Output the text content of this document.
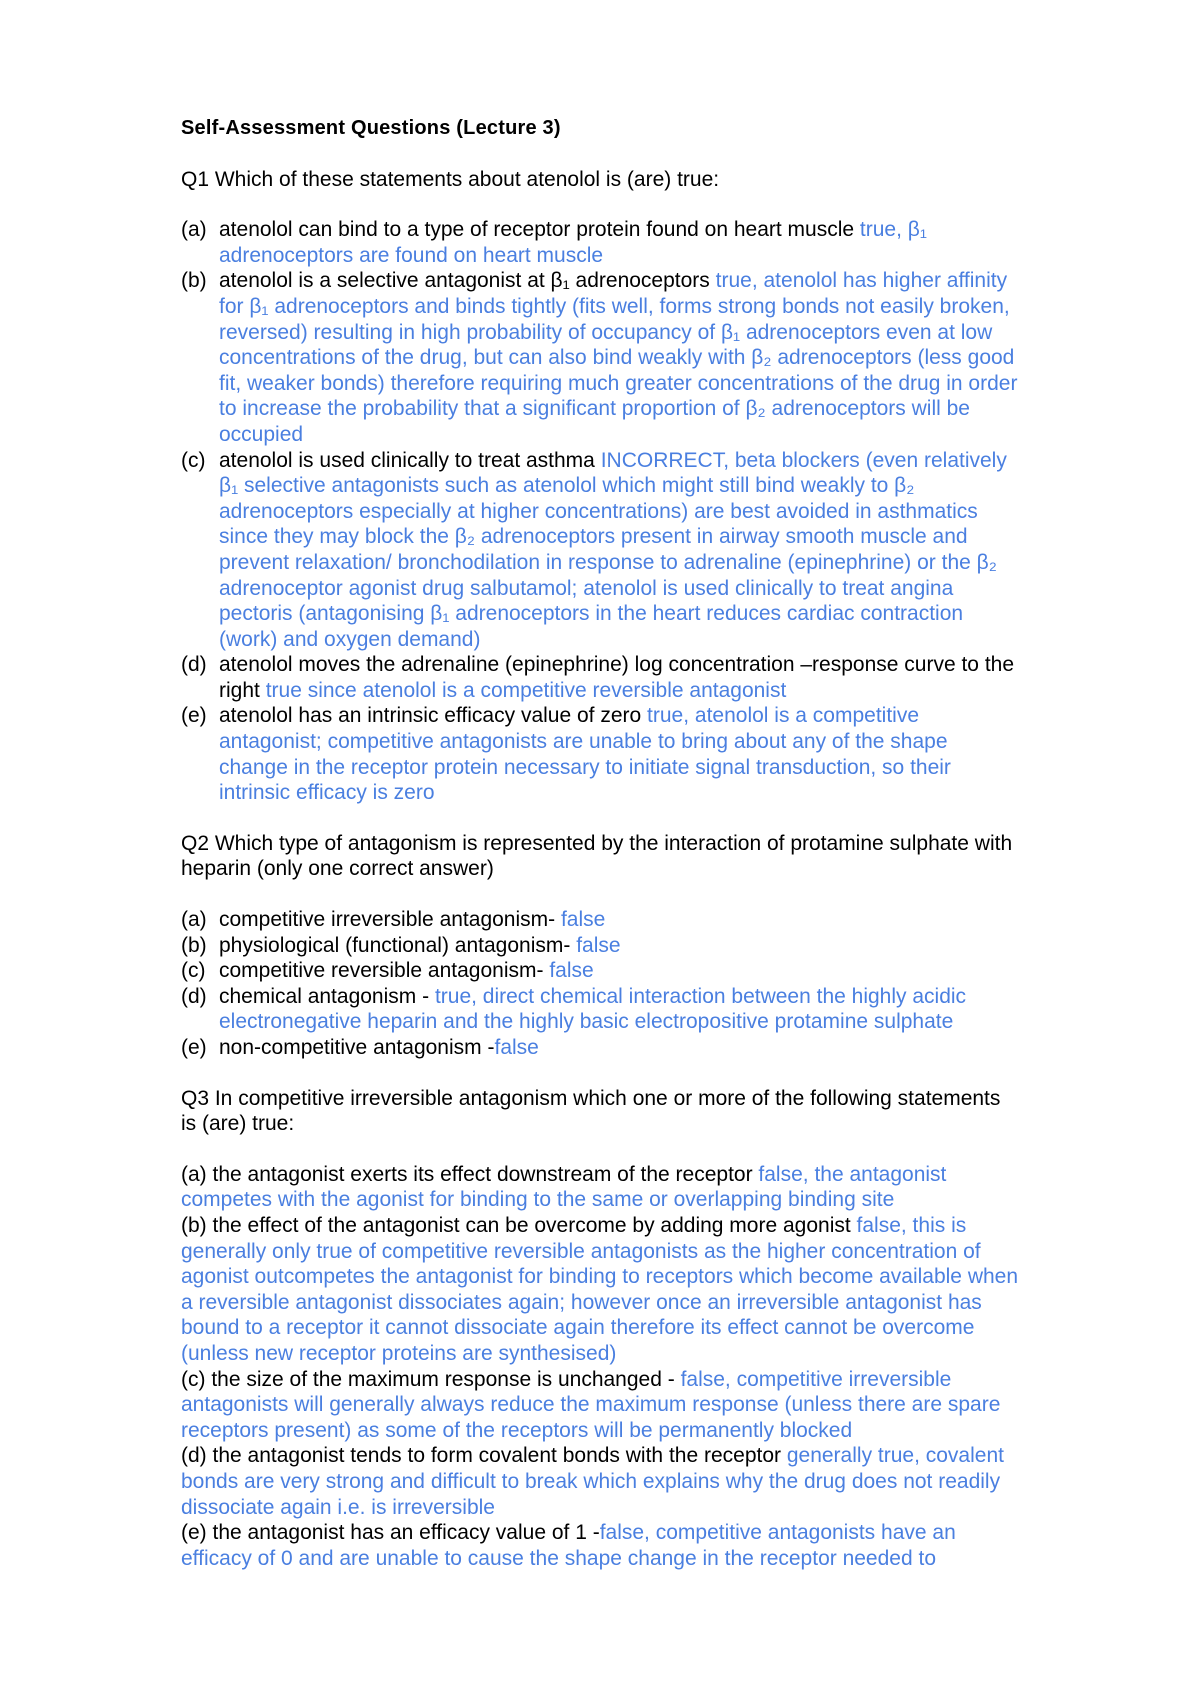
Self-Assessment Questions (Lecture 3)
Q1 Which of these statements about atenolol is (are) true:
(a) atenolol can bind to a type of receptor protein found on heart muscle true, β₁ adrenoceptors are found on heart muscle
(b) atenolol is a selective antagonist at β₁ adrenoceptors true, atenolol has higher affinity for β₁ adrenoceptors and binds tightly (fits well, forms strong bonds not easily broken, reversed) resulting in high probability of occupancy of β₁ adrenoceptors even at low concentrations of the drug, but can also bind weakly with β₂ adrenoceptors (less good fit, weaker bonds) therefore requiring much greater concentrations of the drug in order to increase the probability that a significant proportion of β₂ adrenoceptors will be occupied
(c) atenolol is used clinically to treat asthma INCORRECT, beta blockers (even relatively β₁ selective antagonists such as atenolol which might still bind weakly to β₂ adrenoceptors especially at higher concentrations) are best avoided in asthmatics since they may block the β₂ adrenoceptors present in airway smooth muscle and prevent relaxation/ bronchodilation in response to adrenaline (epinephrine) or the β₂ adrenoceptor agonist drug salbutamol; atenolol is used clinically to treat angina pectoris (antagonising β₁ adrenoceptors in the heart reduces cardiac contraction (work) and oxygen demand)
(d) atenolol moves the adrenaline (epinephrine) log concentration –response curve to the right true since atenolol is a competitive reversible antagonist
(e) atenolol has an intrinsic efficacy value of zero true, atenolol is a competitive antagonist; competitive antagonists are unable to bring about any of the shape change in the receptor protein necessary to initiate signal transduction, so their intrinsic efficacy is zero
Q2 Which type of antagonism is represented by the interaction of protamine sulphate with heparin (only one correct answer)
(a) competitive irreversible antagonism- false
(b) physiological (functional) antagonism- false
(c) competitive reversible antagonism- false
(d) chemical antagonism - true, direct chemical interaction between the highly acidic electronegative heparin and the highly basic electropositive protamine sulphate
(e) non-competitive antagonism -false
Q3 In competitive irreversible antagonism which one or more of the following statements is (are) true:
(a) the antagonist exerts its effect downstream of the receptor false, the antagonist competes with the agonist for binding to the same or overlapping binding site
(b) the effect of the antagonist can be overcome by adding more agonist false, this is generally only true of competitive reversible antagonists as the higher concentration of agonist outcompetes the antagonist for binding to receptors which become available when a reversible antagonist dissociates again; however once an irreversible antagonist has bound to a receptor it cannot dissociate again therefore its effect cannot be overcome (unless new receptor proteins are synthesised)
(c) the size of the maximum response is unchanged - false, competitive irreversible antagonists will generally always reduce the maximum response (unless there are spare receptors present) as some of the receptors will be permanently blocked
(d) the antagonist tends to form covalent bonds with the receptor generally true, covalent bonds are very strong and difficult to break which explains why the drug does not readily dissociate again i.e. is irreversible
(e) the antagonist has an efficacy value of 1 -false, competitive antagonists have an efficacy of 0 and are unable to cause the shape change in the receptor needed to
